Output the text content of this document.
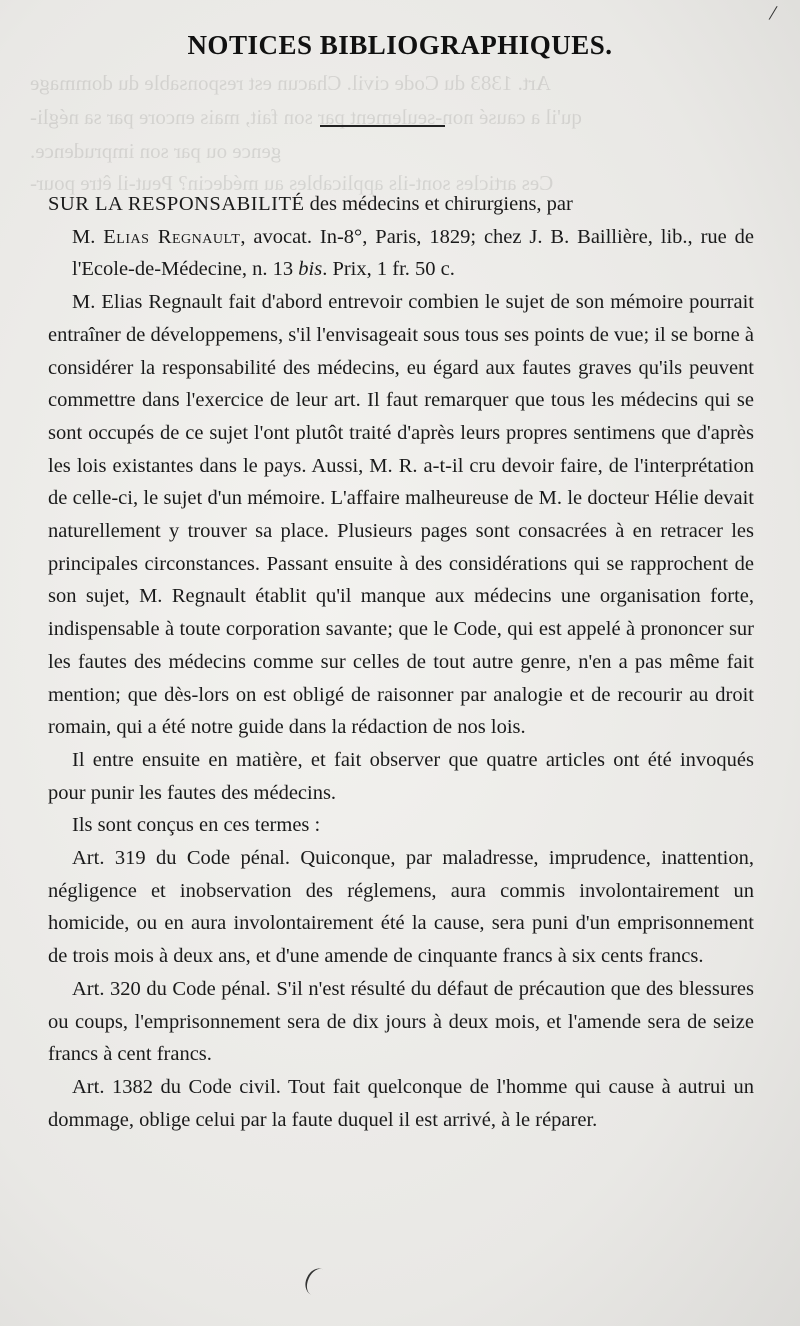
Art. 1383 du Code civil. Chacun est responsable du dommage

qu'il a causé non-seulement par son fait, mais encore par sa négli-

gence ou par son imprudence.

Ces articles sont-ils applicables au médecin? Peut-il être pour-

/
NOTICES BIBLIOGRAPHIQUES.

SUR LA RESPONSABILITÉ des médecins et chirurgiens, par
M. Elias Regnault, avocat. In-8°, Paris, 1829; chez J. B. Baillière, lib., rue de l'Ecole-de-Médecine, n. 13 bis. Prix, 1 fr. 50 c.

M. Elias Regnault fait d'abord entrevoir combien le sujet de son mémoire pourrait entraîner de développemens, s'il l'envisageait sous tous ses points de vue; il se borne à considérer la responsabilité des médecins, eu égard aux fautes graves qu'ils peuvent commettre dans l'exercice de leur art. Il faut remarquer que tous les médecins qui se sont occupés de ce sujet l'ont plutôt traité d'après leurs propres sentimens que d'après les lois existantes dans le pays. Aussi, M. R. a-t-il cru devoir faire, de l'interprétation de celle-ci, le sujet d'un mémoire. L'affaire malheureuse de M. le docteur Hélie devait naturellement y trouver sa place. Plusieurs pages sont consacrées à en retracer les principales circonstances. Passant ensuite à des considérations qui se rapprochent de son sujet, M. Regnault établit qu'il manque aux médecins une organisation forte, indispensable à toute corporation savante; que le Code, qui est appelé à prononcer sur les fautes des médecins comme sur celles de tout autre genre, n'en a pas même fait mention; que dès-lors on est obligé de raisonner par analogie et de recourir au droit romain, qui a été notre guide dans la rédaction de nos lois.

Il entre ensuite en matière, et fait observer que quatre articles ont été invoqués pour punir les fautes des médecins.

Ils sont conçus en ces termes :

Art. 319 du Code pénal. Quiconque, par maladresse, imprudence, inattention, négligence et inobservation des réglemens, aura commis involontairement un homicide, ou en aura involontairement été la cause, sera puni d'un emprisonnement de trois mois à deux ans, et d'une amende de cinquante francs à six cents francs.

Art. 320 du Code pénal. S'il n'est résulté du défaut de précaution que des blessures ou coups, l'emprisonnement sera de dix jours à deux mois, et l'amende sera de seize francs à cent francs.

Art. 1382 du Code civil. Tout fait quelconque de l'homme qui cause à autrui un dommage, oblige celui par la faute duquel il est arrivé, à le réparer.
